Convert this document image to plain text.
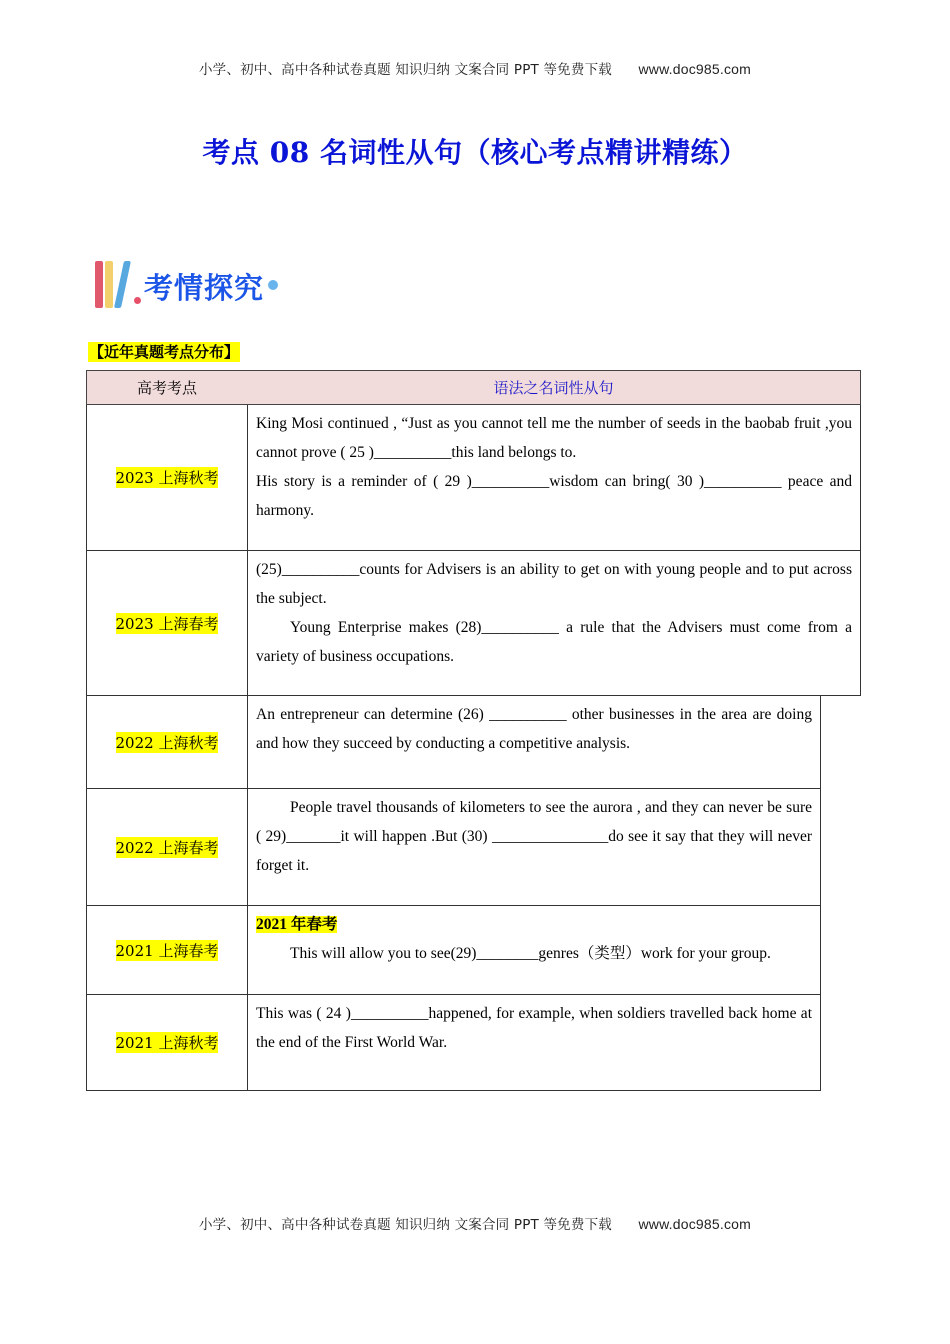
小学、初中、高中各种试卷真题 知识归纳 文案合同 PPT 等免费下载 www.doc985.com
考点 08 名词性从句（核心考点精讲精练）
考情探究
【近年真题考点分布】
高考考点	语法之名词性从句
2023 上海秋考

King Mosi continued , “Just as you cannot tell me the number of seeds in the baobab fruit ,you cannot prove ( 25 )__________this land belongs to.

His story is a reminder of ( 29 )__________wisdom can bring( 30 )__________ peace and harmony.

2023 上海春考

(25)__________counts for Advisers is an ability to get on with young people and to put across the subject.

Young Enterprise makes (28)__________ a rule that the Advisers must come from a variety of business occupations.

2022 上海秋考

An entrepreneur can determine (26) __________ other businesses in the area are doing and how they succeed by conducting a competitive analysis.

2022 上海春考

People travel thousands of kilometers to see the aurora , and they can never be sure ( 29)_______it will happen .But (30) _______________do see it say that they will never forget it.

2021 上海春考

2021 年春考

This will allow you to see(29)________genres（类型）work for your group.

2021 上海秋考

This was ( 24 )__________happened, for example, when soldiers travelled back home at the end of the First World War.

小学、初中、高中各种试卷真题 知识归纳 文案合同 PPT 等免费下载 www.doc985.com
